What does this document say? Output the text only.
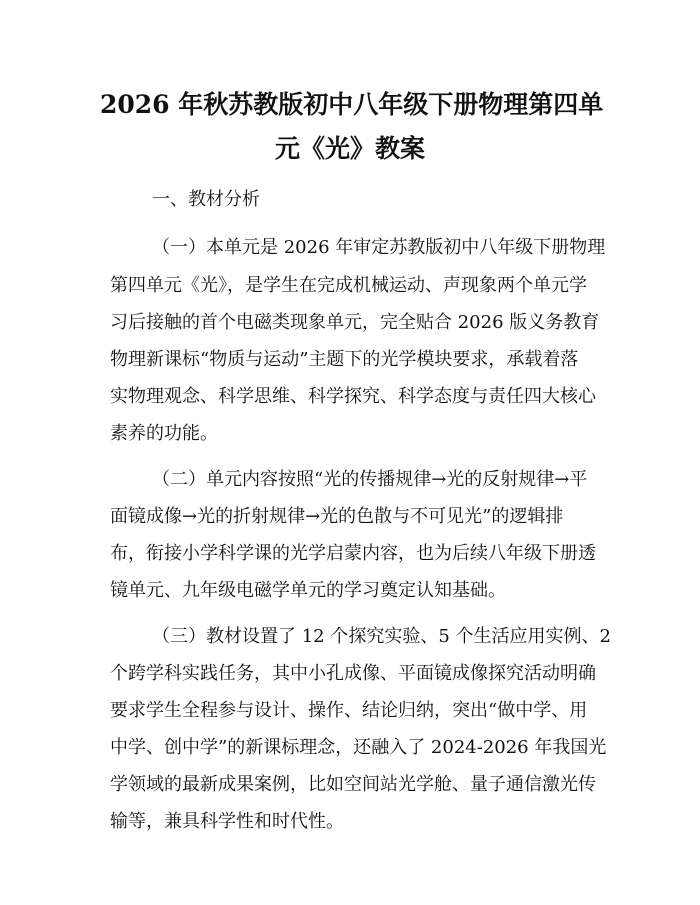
2026 年秋苏教版初中八年级下册物理第四单
元《光》教案

一、教材分析

（一）本单元是 2026 年审定苏教版初中八年级下册物理

第四单元《光》，是学生在完成机械运动、声现象两个单元学

习后接触的首个电磁类现象单元，完全贴合 2026 版义务教育

物理新课标“物质与运动”主题下的光学模块要求，承载着落

实物理观念、科学思维、科学探究、科学态度与责任四大核心

素养的功能。

（二）单元内容按照“光的传播规律→光的反射规律→平

面镜成像→光的折射规律→光的色散与不可见光”的逻辑排

布，衔接小学科学课的光学启蒙内容，也为后续八年级下册透

镜单元、九年级电磁学单元的学习奠定认知基础。

（三）教材设置了 12 个探究实验、5 个生活应用实例、2

个跨学科实践任务，其中小孔成像、平面镜成像探究活动明确

要求学生全程参与设计、操作、结论归纳，突出“做中学、用

中学、创中学”的新课标理念，还融入了 2024-2026 年我国光

学领域的最新成果案例，比如空间站光学舱、量子通信激光传

输等，兼具科学性和时代性。
